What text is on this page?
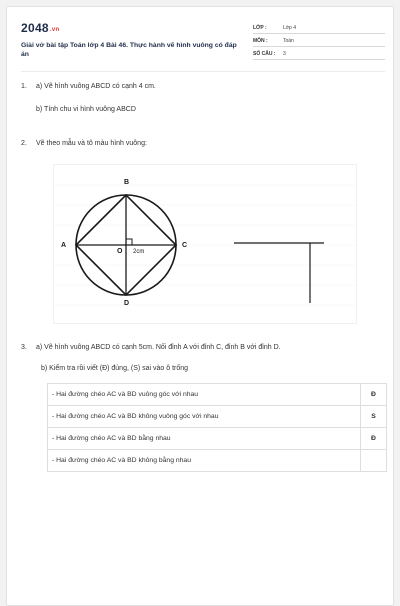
2048.vn
Giải vở bài tập Toán lớp 4 Bài 46. Thực hành vẽ hình vuông có đáp án
LỚP :	Lớp 4
MÔN :	Toán
SỐ CÂU : 3
1. a) Vẽ hình vuông ABCD có cạnh 4 cm.
b) Tính chu vi hình vuông ABCD
2. Vẽ theo mẫu và tô màu hình vuông:
B
A	C
D
O 2cm
3. a) Vẽ hình vuông ABCD có cạnh 5cm. Nối đỉnh A với đỉnh C, đỉnh B với đỉnh D.
b) Kiểm tra rồi viết (Đ) đúng, (S) sai vào ô trống
- Hai đường chéo AC và BD vuông góc với nhau	Đ
- Hai đường chéo AC và BD không vuông góc với nhau	S
- Hai đường chéo AC và BD bằng nhau	Đ
- Hai đường chéo AC và BD không bằng nhau	
